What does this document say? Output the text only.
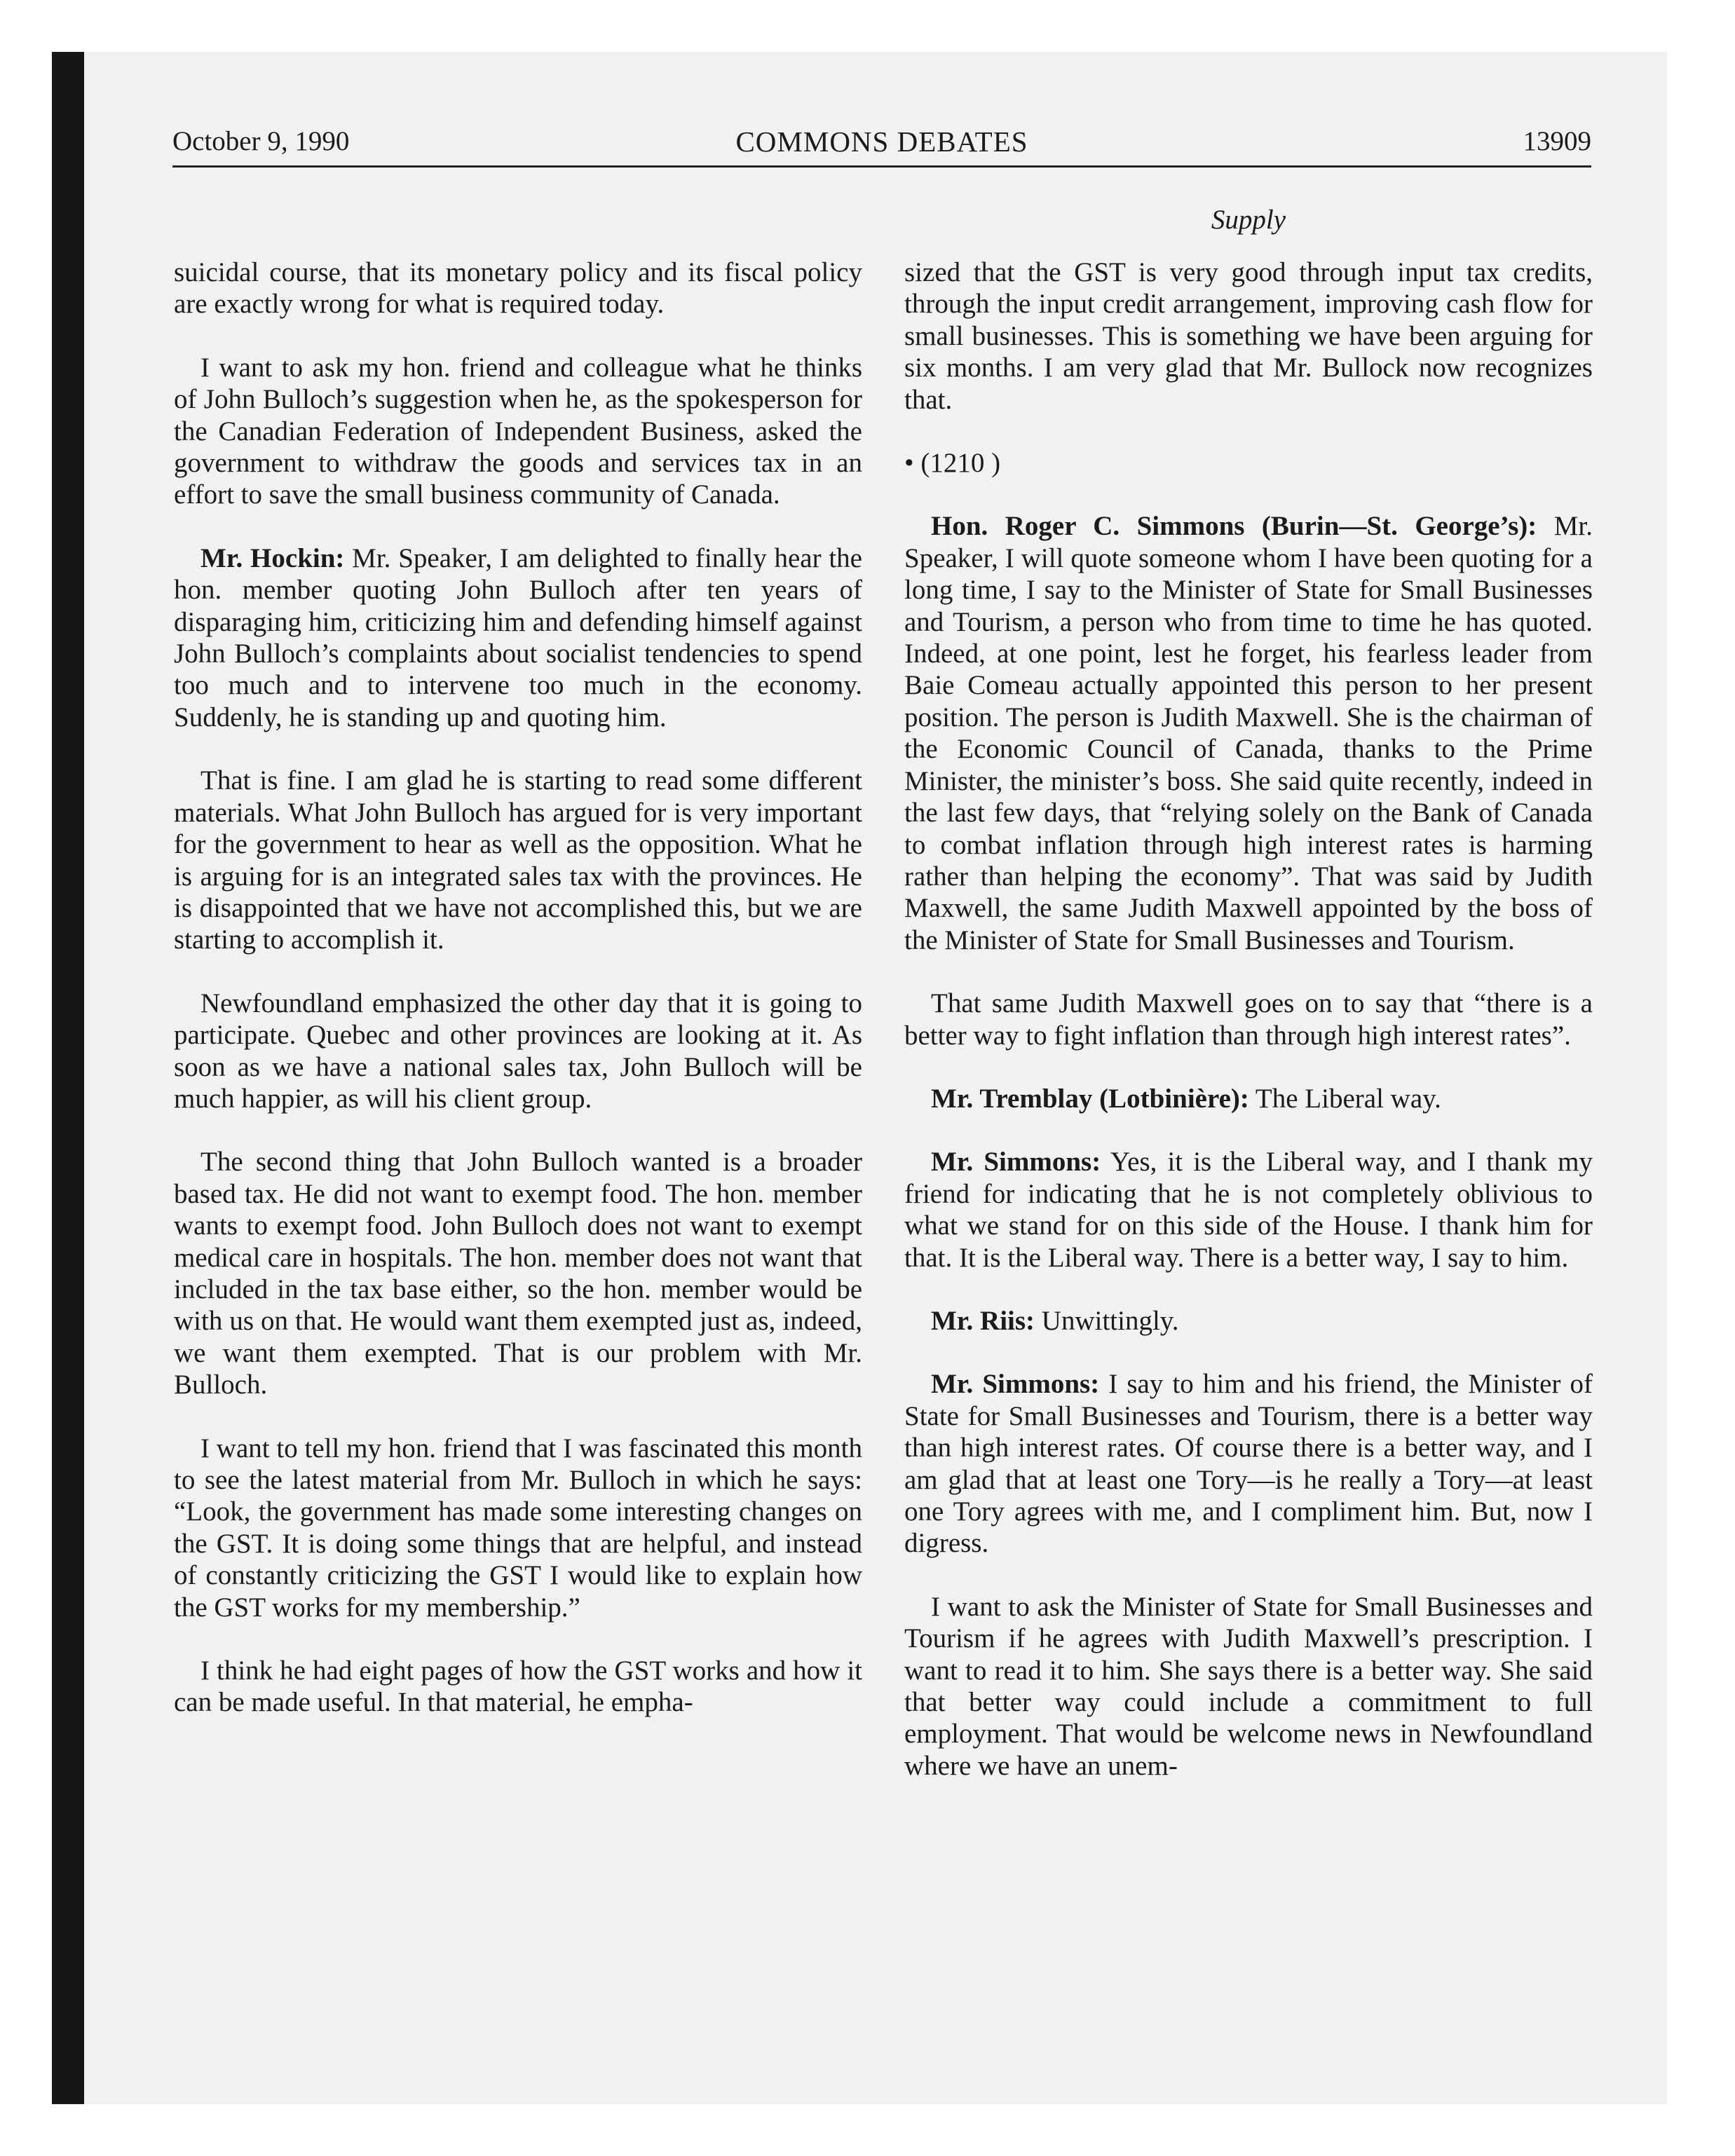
October 9, 1990	COMMONS DEBATES	13909
Supply

suicidal course, that its monetary policy and its fiscal policy are exactly wrong for what is required today.

I want to ask my hon. friend and colleague what he thinks of John Bulloch’s suggestion when he, as the spokesperson for the Canadian Federation of Independent Business, asked the government to withdraw the goods and services tax in an effort to save the small business community of Canada.

Mr. Hockin: Mr. Speaker, I am delighted to finally hear the hon. member quoting John Bulloch after ten years of disparaging him, criticizing him and defending himself against John Bulloch’s complaints about socialist tendencies to spend too much and to intervene too much in the economy. Suddenly, he is standing up and quoting him.

That is fine. I am glad he is starting to read some different materials. What John Bulloch has argued for is very important for the government to hear as well as the opposition. What he is arguing for is an integrated sales tax with the provinces. He is disappointed that we have not accomplished this, but we are starting to accomplish it.

Newfoundland emphasized the other day that it is going to participate. Quebec and other provinces are looking at it. As soon as we have a national sales tax, John Bulloch will be much happier, as will his client group.

The second thing that John Bulloch wanted is a broader based tax. He did not want to exempt food. The hon. member wants to exempt food. John Bulloch does not want to exempt medical care in hospitals. The hon. member does not want that included in the tax base either, so the hon. member would be with us on that. He would want them exempted just as, indeed, we want them exempted. That is our problem with Mr. Bulloch.

I want to tell my hon. friend that I was fascinated this month to see the latest material from Mr. Bulloch in which he says: “Look, the government has made some interesting changes on the GST. It is doing some things that are helpful, and instead of constantly criticizing the GST I would like to explain how the GST works for my membership.”

I think he had eight pages of how the GST works and how it can be made useful. In that material, he empha-

sized that the GST is very good through input tax credits, through the input credit arrangement, improving cash flow for small businesses. This is something we have been arguing for six months. I am very glad that Mr. Bullock now recognizes that.

• (1210 )

Hon. Roger C. Simmons (Burin—St. George’s): Mr. Speaker, I will quote someone whom I have been quoting for a long time, I say to the Minister of State for Small Businesses and Tourism, a person who from time to time he has quoted. Indeed, at one point, lest he forget, his fearless leader from Baie Comeau actually appointed this person to her present position. The person is Judith Maxwell. She is the chairman of the Economic Council of Canada, thanks to the Prime Minister, the minister’s boss. She said quite recently, indeed in the last few days, that “relying solely on the Bank of Canada to combat inflation through high interest rates is harming rather than helping the economy”. That was said by Judith Maxwell, the same Judith Maxwell appointed by the boss of the Minister of State for Small Businesses and Tourism.

That same Judith Maxwell goes on to say that “there is a better way to fight inflation than through high interest rates”.

Mr. Tremblay (Lotbinière): The Liberal way.

Mr. Simmons: Yes, it is the Liberal way, and I thank my friend for indicating that he is not completely oblivious to what we stand for on this side of the House. I thank him for that. It is the Liberal way. There is a better way, I say to him.

Mr. Riis: Unwittingly.

Mr. Simmons: I say to him and his friend, the Minister of State for Small Businesses and Tourism, there is a better way than high interest rates. Of course there is a better way, and I am glad that at least one Tory—is he really a Tory—at least one Tory agrees with me, and I compliment him. But, now I digress.

I want to ask the Minister of State for Small Businesses and Tourism if he agrees with Judith Maxwell’s prescription. I want to read it to him. She says there is a better way. She said that better way could include a commitment to full employment. That would be welcome news in Newfoundland where we have an unem-
